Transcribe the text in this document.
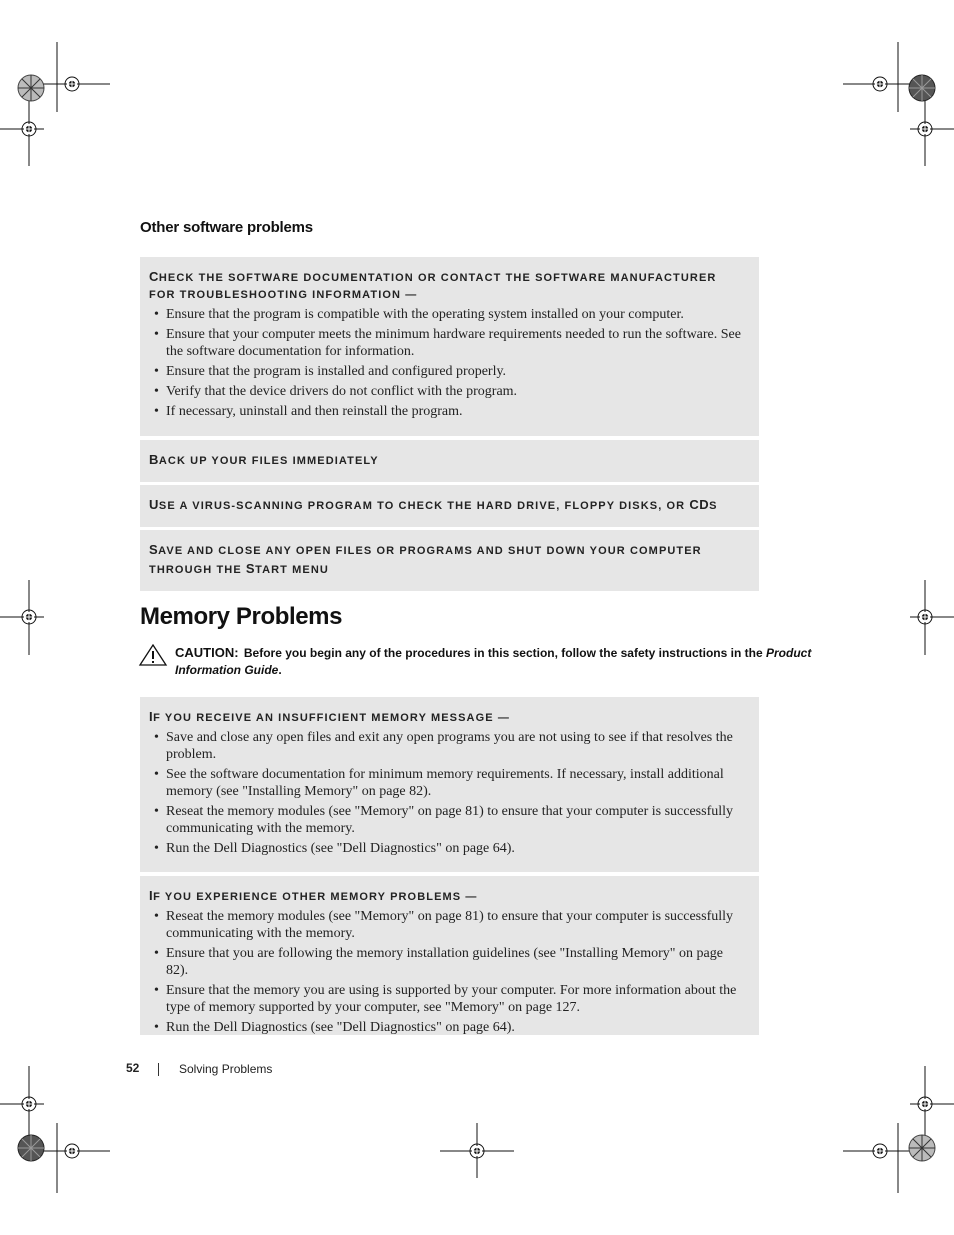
Other software problems
CHECK THE SOFTWARE DOCUMENTATION OR CONTACT THE SOFTWARE MANUFACTURER FOR TROUBLESHOOTING INFORMATION —
• Ensure that the program is compatible with the operating system installed on your computer.
• Ensure that your computer meets the minimum hardware requirements needed to run the software. See the software documentation for information.
• Ensure that the program is installed and configured properly.
• Verify that the device drivers do not conflict with the program.
• If necessary, uninstall and then reinstall the program.
BACK UP YOUR FILES IMMEDIATELY
USE A VIRUS-SCANNING PROGRAM TO CHECK THE HARD DRIVE, FLOPPY DISKS, OR CDS
SAVE AND CLOSE ANY OPEN FILES OR PROGRAMS AND SHUT DOWN YOUR COMPUTER THROUGH THE START MENU
Memory Problems
CAUTION: Before you begin any of the procedures in this section, follow the safety instructions in the Product Information Guide.
IF YOU RECEIVE AN INSUFFICIENT MEMORY MESSAGE —
• Save and close any open files and exit any open programs you are not using to see if that resolves the problem.
• See the software documentation for minimum memory requirements. If necessary, install additional memory (see "Installing Memory" on page 82).
• Reseat the memory modules (see "Memory" on page 81) to ensure that your computer is successfully communicating with the memory.
• Run the Dell Diagnostics (see "Dell Diagnostics" on page 64).
IF YOU EXPERIENCE OTHER MEMORY PROBLEMS —
• Reseat the memory modules (see "Memory" on page 81) to ensure that your computer is successfully communicating with the memory.
• Ensure that you are following the memory installation guidelines (see "Installing Memory" on page 82).
• Ensure that the memory you are using is supported by your computer. For more information about the type of memory supported by your computer, see "Memory" on page 127.
• Run the Dell Diagnostics (see "Dell Diagnostics" on page 64).
52	Solving Problems
